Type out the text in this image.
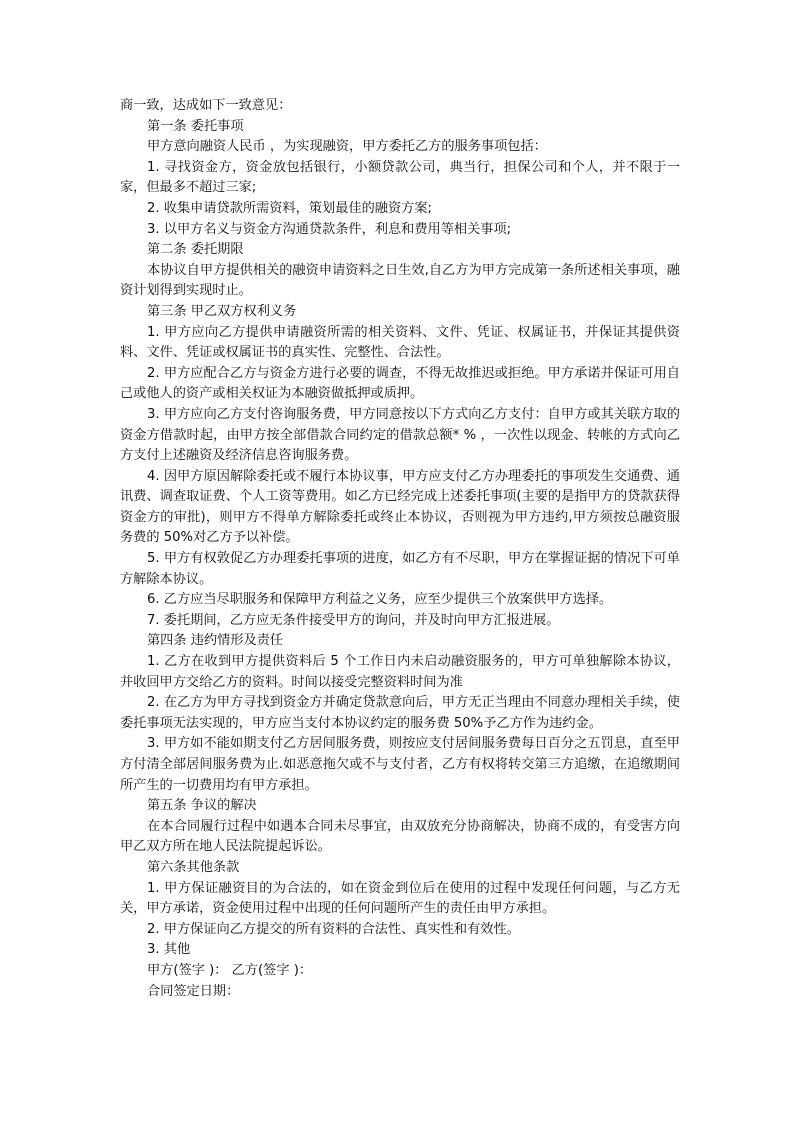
商一致，达成如下一致意见：

第一条 委托事项

甲方意向融资人民币 ，为实现融资，甲方委托乙方的服务事项包括：

1. 寻找资金方，资金放包括银行，小额贷款公司，典当行，担保公司和个人，并不限于一家，但最多不超过三家;

2. 收集申请贷款所需资料，策划最佳的融资方案;

3. 以甲方名义与资金方沟通贷款条件，利息和费用等相关事项;

第二条 委托期限

本协议自甲方提供相关的融资申请资料之日生效,自乙方为甲方完成第一条所述相关事项，融资计划得到实现时止。

第三条 甲乙双方权利义务

1. 甲方应向乙方提供申请融资所需的相关资料、文件、凭证、权属证书，并保证其提供资料、文件、凭证或权属证书的真实性、完整性、合法性。

2. 甲方应配合乙方与资金方进行必要的调查，不得无故推迟或拒绝。甲方承诺并保证可用自己或他人的资产或相关权证为本融资做抵押或质押。

3. 甲方应向乙方支付咨询服务费，甲方同意按以下方式向乙方支付：自甲方或其关联方取的资金方借款时起，由甲方按全部借款合同约定的借款总额* % ，一次性以现金、转帐的方式向乙方支付上述融资及经济信息咨询服务费。

4. 因甲方原因解除委托或不履行本协议事，甲方应支付乙方办理委托的事项发生交通费、通讯费、调查取证费、个人工资等费用。如乙方已经完成上述委托事项(主要的是指甲方的贷款获得资金方的审批)，则甲方不得单方解除委托或终止本协议，否则视为甲方违约,甲方须按总融资服务费的 50%对乙方予以补偿。

5. 甲方有权敦促乙方办理委托事项的进度，如乙方有不尽职，甲方在掌握证据的情况下可单方解除本协议。

6. 乙方应当尽职服务和保障甲方利益之义务，应至少提供三个放案供甲方选择。

7. 委托期间，乙方应无条件接受甲方的询问，并及时向甲方汇报进展。

第四条 违约情形及责任

1. 乙方在收到甲方提供资料后 5 个工作日内未启动融资服务的，甲方可单独解除本协议，并收回甲方交给乙方的资料。时间以接受完整资料时间为准

2. 在乙方为甲方寻找到资金方并确定贷款意向后，甲方无正当理由不同意办理相关手续，使委托事项无法实现的，甲方应当支付本协议约定的服务费 50%予乙方作为违约金。

3. 甲方如不能如期支付乙方居间服务费，则按应支付居间服务费每日百分之五罚息，直至甲方付清全部居间服务费为止.如恶意拖欠或不与支付者，乙方有权将转交第三方追缴，在追缴期间所产生的一切费用均有甲方承担。

第五条 争议的解决

在本合同履行过程中如遇本合同未尽事宜，由双放充分协商解决，协商不成的，有受害方向甲乙双方所在地人民法院提起诉讼。

第六条其他条款

1. 甲方保证融资目的为合法的，如在资金到位后在使用的过程中发现任何问题，与乙方无关，甲方承诺，资金使用过程中出现的任何问题所产生的责任由甲方承担。

2. 甲方保证向乙方提交的所有资料的合法性、真实性和有效性。

3. 其他

甲方(签字 )： 乙方(签字 )：

合同签定日期：
